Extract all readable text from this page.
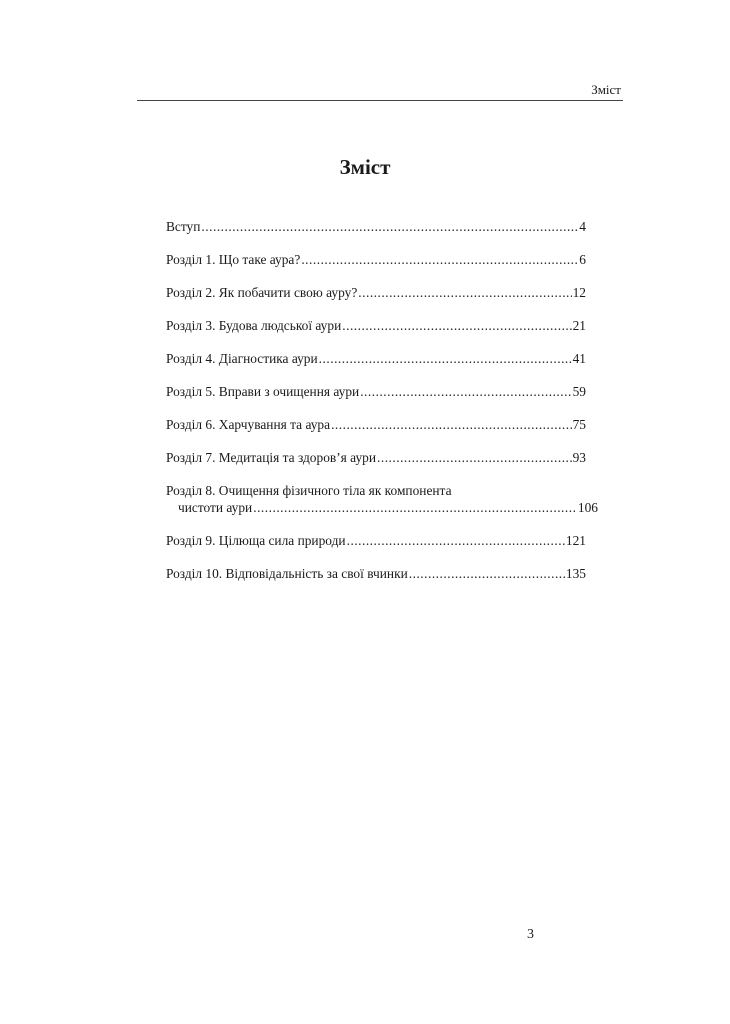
Зміст
Зміст
Вступ .....	4
Розділ 1. Що таке аура? .....	6
Розділ 2. Як побачити свою ауру? .....	12
Розділ 3. Будова людської аури .....	21
Розділ 4. Діагностика аури .....	41
Розділ 5. Вправи з очищення аури .....	59
Розділ 6. Харчування та аура .....	75
Розділ 7. Медитація та здоров’я аури .....	93
Розділ 8. Очищення фізичного тіла як компонента
чистоти аури .....	106
Розділ 9. Цілюща сила природи .....	121
Розділ 10. Відповідальність за свої вчинки .....	135
3
